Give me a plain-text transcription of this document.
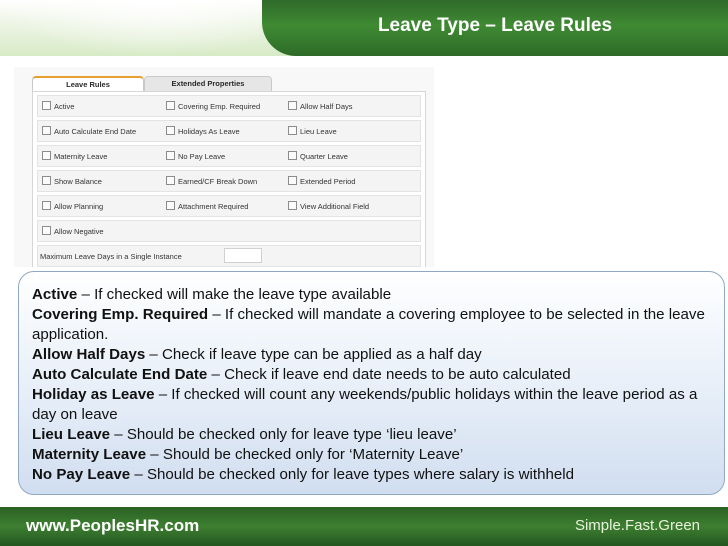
Leave Type – Leave Rules
Leave Rules	Extended Properties
Active	Covering Emp. Required	Allow Half Days
Auto Calculate End Date	Holidays As Leave	Lieu Leave
Maternity Leave	No Pay Leave	Quarter Leave
Show Balance	Earned/CF Break Down	Extended Period
Allow Planning	Attachment Required	View Additional Field
Allow Negative
Maximum Leave Days in a Single Instance

Active – If checked will make the leave type available

Covering Emp. Required – If checked will mandate a covering employee to be selected in the leave application.

Allow Half Days – Check if leave type can be applied as a half day

Auto Calculate End Date – Check if leave end date needs to be auto calculated

Holiday as Leave – If checked will count any weekends/public holidays within the leave period as a day on leave

Lieu Leave – Should be checked only for leave type ‘lieu leave’

Maternity Leave – Should be checked only for ‘Maternity Leave’

No Pay Leave – Should be checked only for leave types where salary is withheld

www.PeoplesHR.com	Simple.Fast.Green
